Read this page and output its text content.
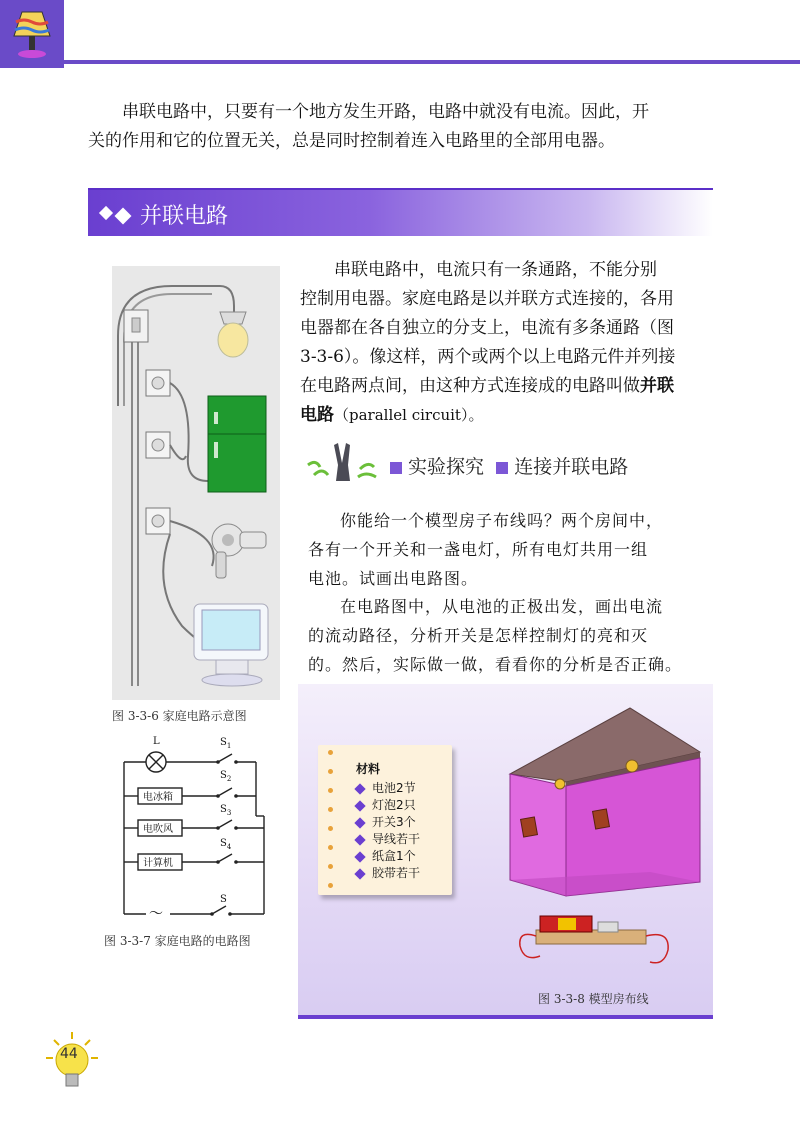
串联电路中，只要有一个地方发生开路，电路中就没有电流。因此，开
关的作用和它的位置无关，总是同时控制着连入电路里的全部用电器。
并联电路
图 3-3-6 家庭电路示意图
L	$S_1$
$S_2$
$S_3$
$S_4$
S
～
电冰箱
电吹风
计算机
图 3-3-7 家庭电路的电路图
串联电路中，电流只有一条通路，不能分别
控制用电器。家庭电路是以并联方式连接的，各用
电器都在各自独立的分支上，电流有多条通路（图
3-3-6）。像这样，两个或两个以上电路元件并列接
在电路两点间，由这种方式连接成的电路叫做并联
电路（parallel circuit）。
实验探究 连接并联电路
你能给一个模型房子布线吗？两个房间中，
各有一个开关和一盏电灯，所有电灯共用一组
电池。试画出电路图。
在电路图中，从电池的正极出发，画出电流
的流动路径，分析开关是怎样控制灯的亮和灭
的。然后，实际做一做，看看你的分析是否正确。
材料
电池2节
灯泡2只
开关3个
导线若干
纸盒1个
胶带若干
图 3-3-8 模型房布线
44
